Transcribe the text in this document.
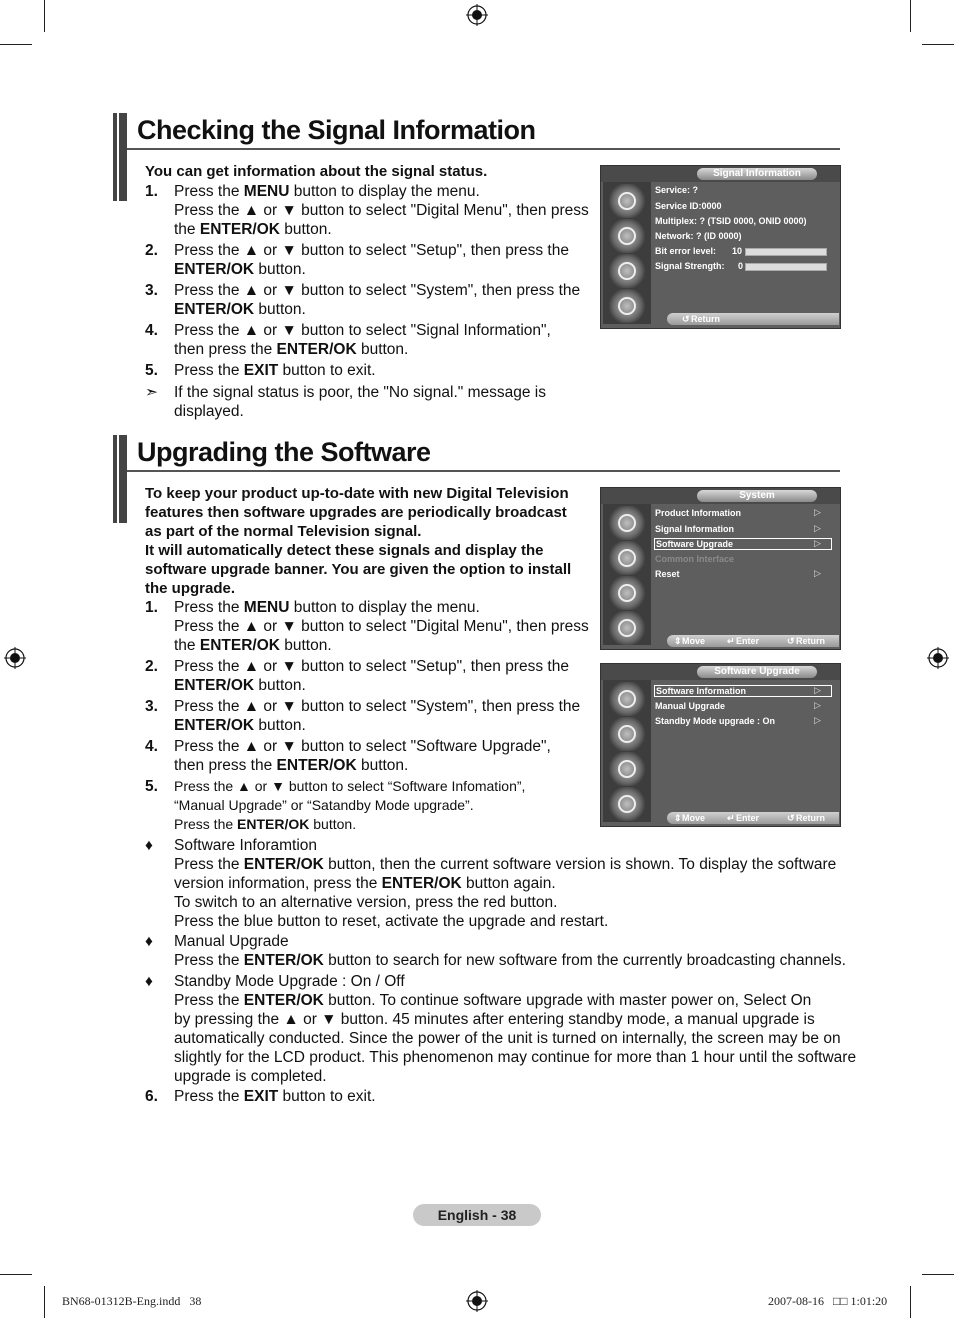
Checking the Signal Information
You can get information about the signal status.
1. Press the MENU button to display the menu.
Press the ▲ or ▼ button to select "Digital Menu", then press
the ENTER/OK button.
2. Press the ▲ or ▼ button to select "Setup", then press the
ENTER/OK button.
3. Press the ▲ or ▼ button to select "System", then press the
ENTER/OK button.
4. Press the ▲ or ▼ button to select "Signal Information",
then press the ENTER/OK button.
5. Press the EXIT button to exit.
➣ If the signal status is poor, the "No signal." message is
displayed.
Signal Information
Service: ?
Service ID:0000
Multiplex: ? (TSID 0000, ONID 0000)
Network: ? (ID 0000)
Bit error level: 10
Signal Strength: 0
↺ Return
Upgrading the Software
To keep your product up-to-date with new Digital Television
features then software upgrades are periodically broadcast
as part of the normal Television signal.
It will automatically detect these signals and display the
software upgrade banner. You are given the option to install
the upgrade.
1. Press the MENU button to display the menu.
Press the ▲ or ▼ button to select "Digital Menu", then press
the ENTER/OK button.
2. Press the ▲ or ▼ button to select "Setup", then press the
ENTER/OK button.
3. Press the ▲ or ▼ button to select "System", then press the
ENTER/OK button.
4. Press the ▲ or ▼ button to select "Software Upgrade",
then press the ENTER/OK button.
5. Press the ▲ or ▼ button to select “Software Infomation”,
“Manual Upgrade” or “Satandby Mode upgrade”.
Press the ENTER/OK button.
♦ Software Inforamtion
Press the ENTER/OK button, then the current software version is shown. To display the software
version information, press the ENTER/OK button again.
To switch to an alternative version, press the red button.
Press the blue button to reset, activate the upgrade and restart.
♦ Manual Upgrade
Press the ENTER/OK button to search for new software from the currently broadcasting channels.
♦ Standby Mode Upgrade : On / Off
Press the ENTER/OK button. To continue software upgrade with master power on, Select On
by pressing the ▲ or ▼ button. 45 minutes after entering standby mode, a manual upgrade is
automatically conducted. Since the power of the unit is turned on internally, the screen may be on
slightly for the LCD product. This phenomenon may continue for more than 1 hour until the software
upgrade is completed.
6. Press the EXIT button to exit.
System
Product Information	▷
Signal Information	▷
Software Upgrade	▷
Common Interface
Reset	▷
⇕ Move ↵ Enter	↺ Return
Software Upgrade
Software Information	▷
Manual Upgrade	▷
Standby Mode upgrade : On	▷
⇕ Move ↵ Enter	↺ Return
English - 38
BN68-01312B-Eng.indd   38	2007-08-16   □□ 1:01:20
